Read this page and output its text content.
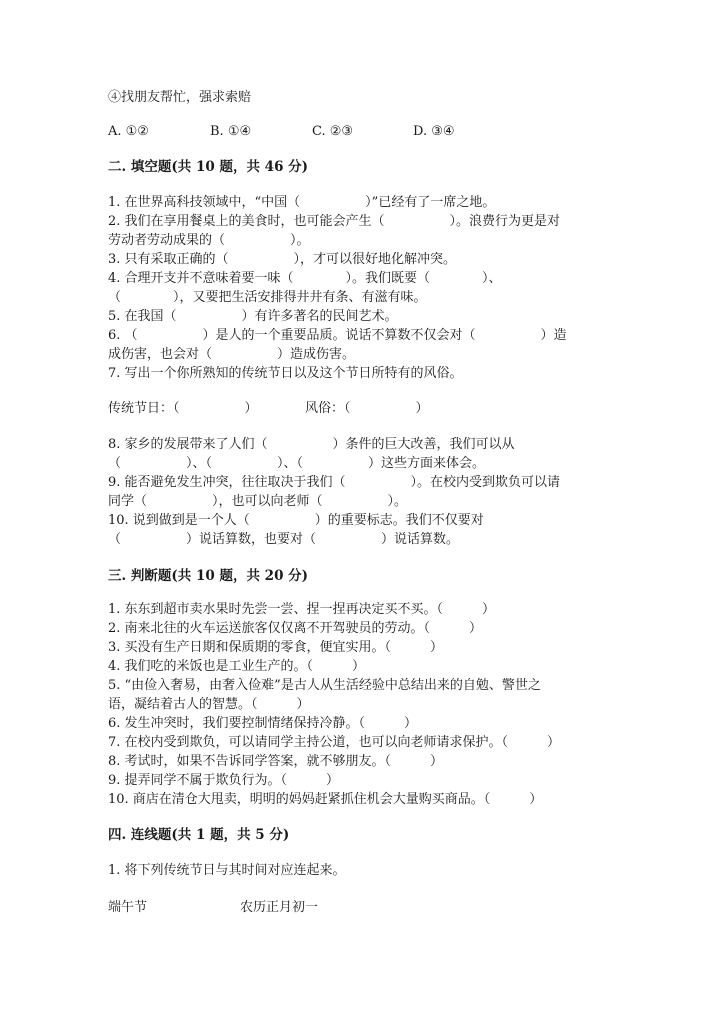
④找朋友帮忙，强求索赔
A. ①②	B. ①④	C. ②③	D. ③④
二. 填空题(共 10 题，共 46 分)
1. 在世界高科技领域中，“中国（　　　　　）”已经有了一席之地。
2. 我们在享用餐桌上的美食时，也可能会产生（　　　　　）。浪费行为更是对
劳动者劳动成果的（　　　　　）。
3. 只有采取正确的（　　　　　），才可以很好地化解冲突。
4. 合理开支并不意味着要一味（　　　　）。我们既要（　　　　）、
（　　　　），又要把生活安排得井井有条、有滋有味。
5. 在我国（　　　　　）有许多著名的民间艺术。
6. （　　　　　）是人的一个重要品质。说话不算数不仅会对（　　　　　）造
成伤害，也会对（　　　　　）造成伤害。
7. 写出一个你所熟知的传统节日以及这个节日所特有的风俗。
传统节日：（　　　　　）	风俗：（　　　　　）
8. 家乡的发展带来了人们（　　　　　）条件的巨大改善，我们可以从
（　　　　　）、（　　　　　）、（　　　　　）这些方面来体会。
9. 能否避免发生冲突，往往取决于我们（　　　　　）。在校内受到欺负可以请
同学（　　　　　），也可以向老师（　　　　　）。
10. 说到做到是一个人（　　　　　）的重要标志。我们不仅要对
（　　　　　）说话算数，也要对（　　　　　）说话算数。
三. 判断题(共 10 题，共 20 分)
1. 东东到超市卖水果时先尝一尝、捏一捏再决定买不买。（　　　）
2. 南来北往的火车运送旅客仅仅离不开驾驶员的劳动。（　　　）
3. 买没有生产日期和保质期的零食，便宜实用。（　　　）
4. 我们吃的米饭也是工业生产的。（　　　）
5. “由俭入奢易，由奢入俭难”是古人从生活经验中总结出来的自勉、警世之
语，凝结着古人的智慧。（　　　）
6. 发生冲突时，我们要控制情绪保持冷静。（　　　）
7. 在校内受到欺负，可以请同学主持公道，也可以向老师请求保护。（　　　）
8. 考试时，如果不告诉同学答案，就不够朋友。（　　　）
9. 提弄同学不属于欺负行为。（　　　）
10. 商店在清仓大甩卖，明明的妈妈赶紧抓住机会大量购买商品。（　　　）
四. 连线题(共 1 题，共 5 分)
1. 将下列传统节日与其时间对应连起来。
端午节	农历正月初一
